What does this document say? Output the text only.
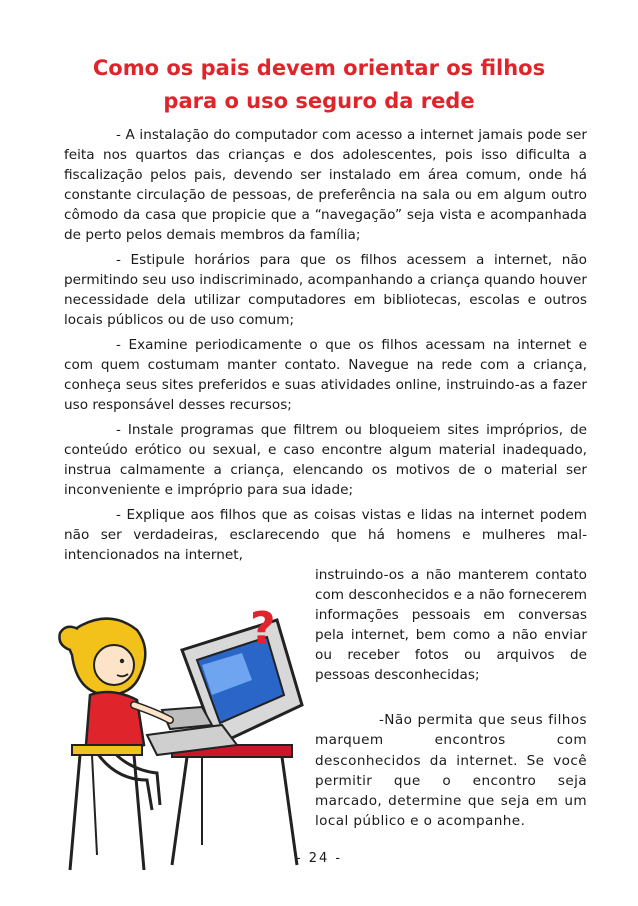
Como os pais devem orientar os filhos
para o uso seguro da rede

- A instalação do computador com acesso a internet jamais pode ser feita nos quartos das crianças e dos adolescentes, pois isso dificulta a fiscalização pelos pais, devendo ser instalado em área comum, onde há constante circulação de pessoas, de preferência na sala ou em algum outro cômodo da casa que propicie que a “navegação” seja vista e acompanhada de perto pelos demais membros da família;

- Estipule horários para que os filhos acessem a internet, não permitindo seu uso indiscriminado, acompanhando a criança quando houver necessidade dela utilizar computadores em bibliotecas, escolas e outros locais públicos ou de uso comum;

- Examine periodicamente o que os filhos acessam na internet e com quem costumam manter contato. Navegue na rede com a criança, conheça seus sites preferidos e suas atividades online, instruindo-as a fazer uso responsável desses recursos;

- Instale programas que filtrem ou bloqueiem sites impróprios, de conteúdo erótico ou sexual, e caso encontre algum material inadequado, instrua calmamente a criança, elencando os motivos de o material ser inconveniente e impróprio para sua idade;

- Explique aos filhos que as coisas vistas e lidas na internet podem não ser verdadeiras, esclarecendo que há homens e mulheres mal-intencionados na internet,

instruindo-os a não manterem contato com desconhecidos e a não fornecerem informações pessoais em conversas pela internet, bem como a não enviar ou receber fotos ou arquivos de pessoas desconhecidas;

-Não permita que seus filhos marquem encontros com desconhecidos da internet. Se você permitir que o encontro seja marcado, determine que seja em um local público e o acompanhe.

?
- 24 -
